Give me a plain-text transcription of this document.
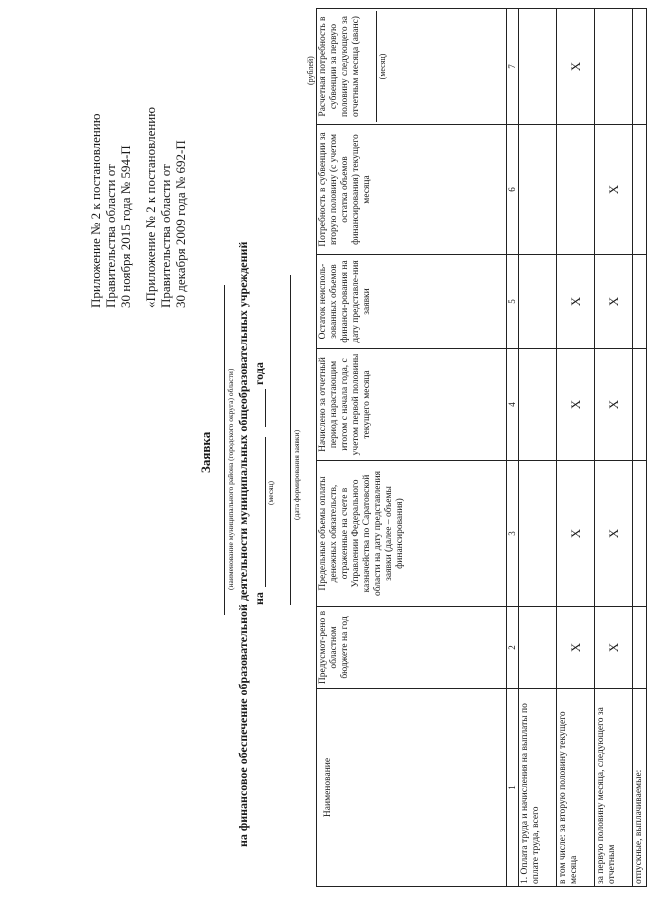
Приложение № 2 к постановлению Правительства области от 30 ноября 2015 года № 594-П «Приложение № 2 к постановлению Правительства области от 30 декабря 2009 года № 692-П
Заявка (наименование муниципального района (городского округа) области) на финансовое обеспечение образовательной деятельности муниципальных общеобразовательных учреждений на
года
(месяц) (дата формирования заявки)
(рублей)
Наименование	Предусмот-рено в областном бюджете на год	Предельные объемы оплаты денежных обязательств, отраженные на счете в Управлении Федерального казначейства по Саратовской области на дату представления заявки (далее – объемы финансирования)	Начислено за отчетный период нарастающим итогом с начала года, с учетом первой половины текущего месяца	Остаток неисполь-зованных объемов финанси-рования на дату представле-ния заявки	Потребность в субвенции за вторую половину (с учетом остатка объемов финансирования) текущего месяца	Расчетная потребность в субвенции за первую половину следующего за отчетным месяца (аванс) (месяц)

1	2	3	4	5	6	7
1. Оплата труда и начисления на выплаты по оплате труда, всего						
в том числе: за вторую половину текущего месяца	X	X	X	X		X
за первую половину месяца, следующего за отчетным	X	X	X	X	X	
отпускные, выплачиваемые:						
